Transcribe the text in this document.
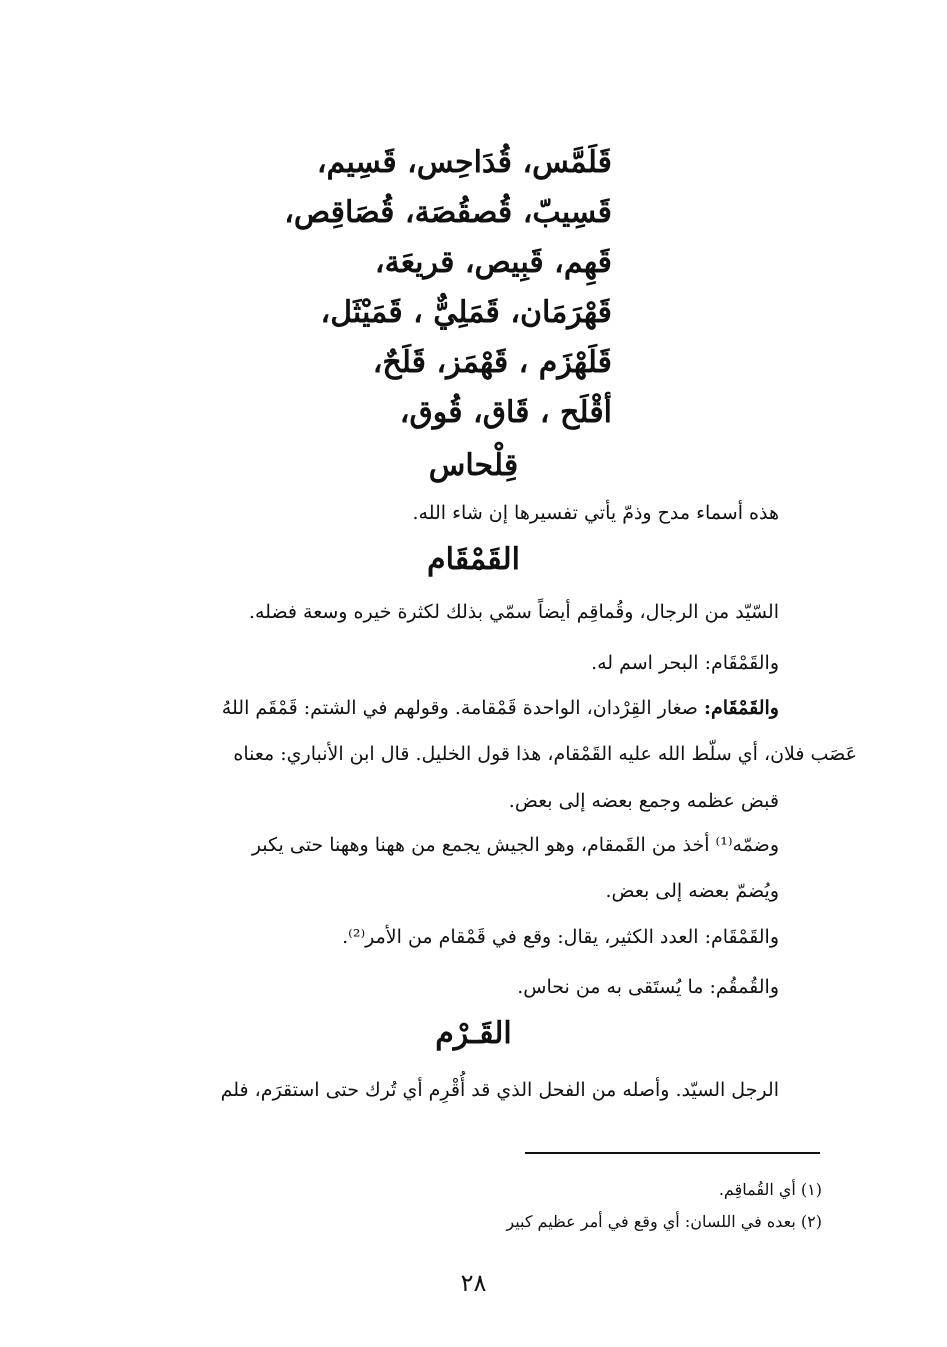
قَلَمَّس، قُدَاحِس، قَسِيم،
قَسِيبّ، قُصقُصَة، قُصَاقِص،
قَهِم، قَبِيص، قريعَة،
قَهْرَمَان، قَمَلِيٌّ ، قَمَيْثَل،
قَلَهْزَم ، قَهْمَز، قَلَحٌ،
أقْلَح ، قَاق، قُوق،
قِلْحاس
هذه أسماء مدح وذمّ يأتي تفسيرها إن شاء الله.
القَمْقَام
السّيّد من الرجال، وقُماقِم أيضاً سمّي بذلك لكثرة خيره وسعة فضله.
والقَمْقَام: البحر اسم له.
والقَمْقَام: صغار القِرْدان، الواحدة قَمْقامة. وقولهم في الشتم: قَمْقَم اللهُ
عَصَب فلان، أي سلّط الله عليه القَمْقام، هذا قول الخليل. قال ابن الأنباري: معناه
قبض عظمه وجمع بعضه إلى بعض.
وضمّه⁽¹⁾ أخذ من القَمقام، وهو الجيش يجمع من ههنا وههنا حتى يكبر
ويُضمّ بعضه إلى بعض.
والقَمْقَام: العدد الكثير، يقال: وقع في قَمْقام من الأمر⁽²⁾.
والقُمقُم: ما يُستَقى به من نحاس.
القَـرْم
الرجل السيّد. وأصله من الفحل الذي قد أُقْرِم أي تُرك حتى استقرَم، فلم
(١) أي القُماقِم.
(٢) بعده في اللسان: أي وقع في أمر عظيم كبير
٢٨
